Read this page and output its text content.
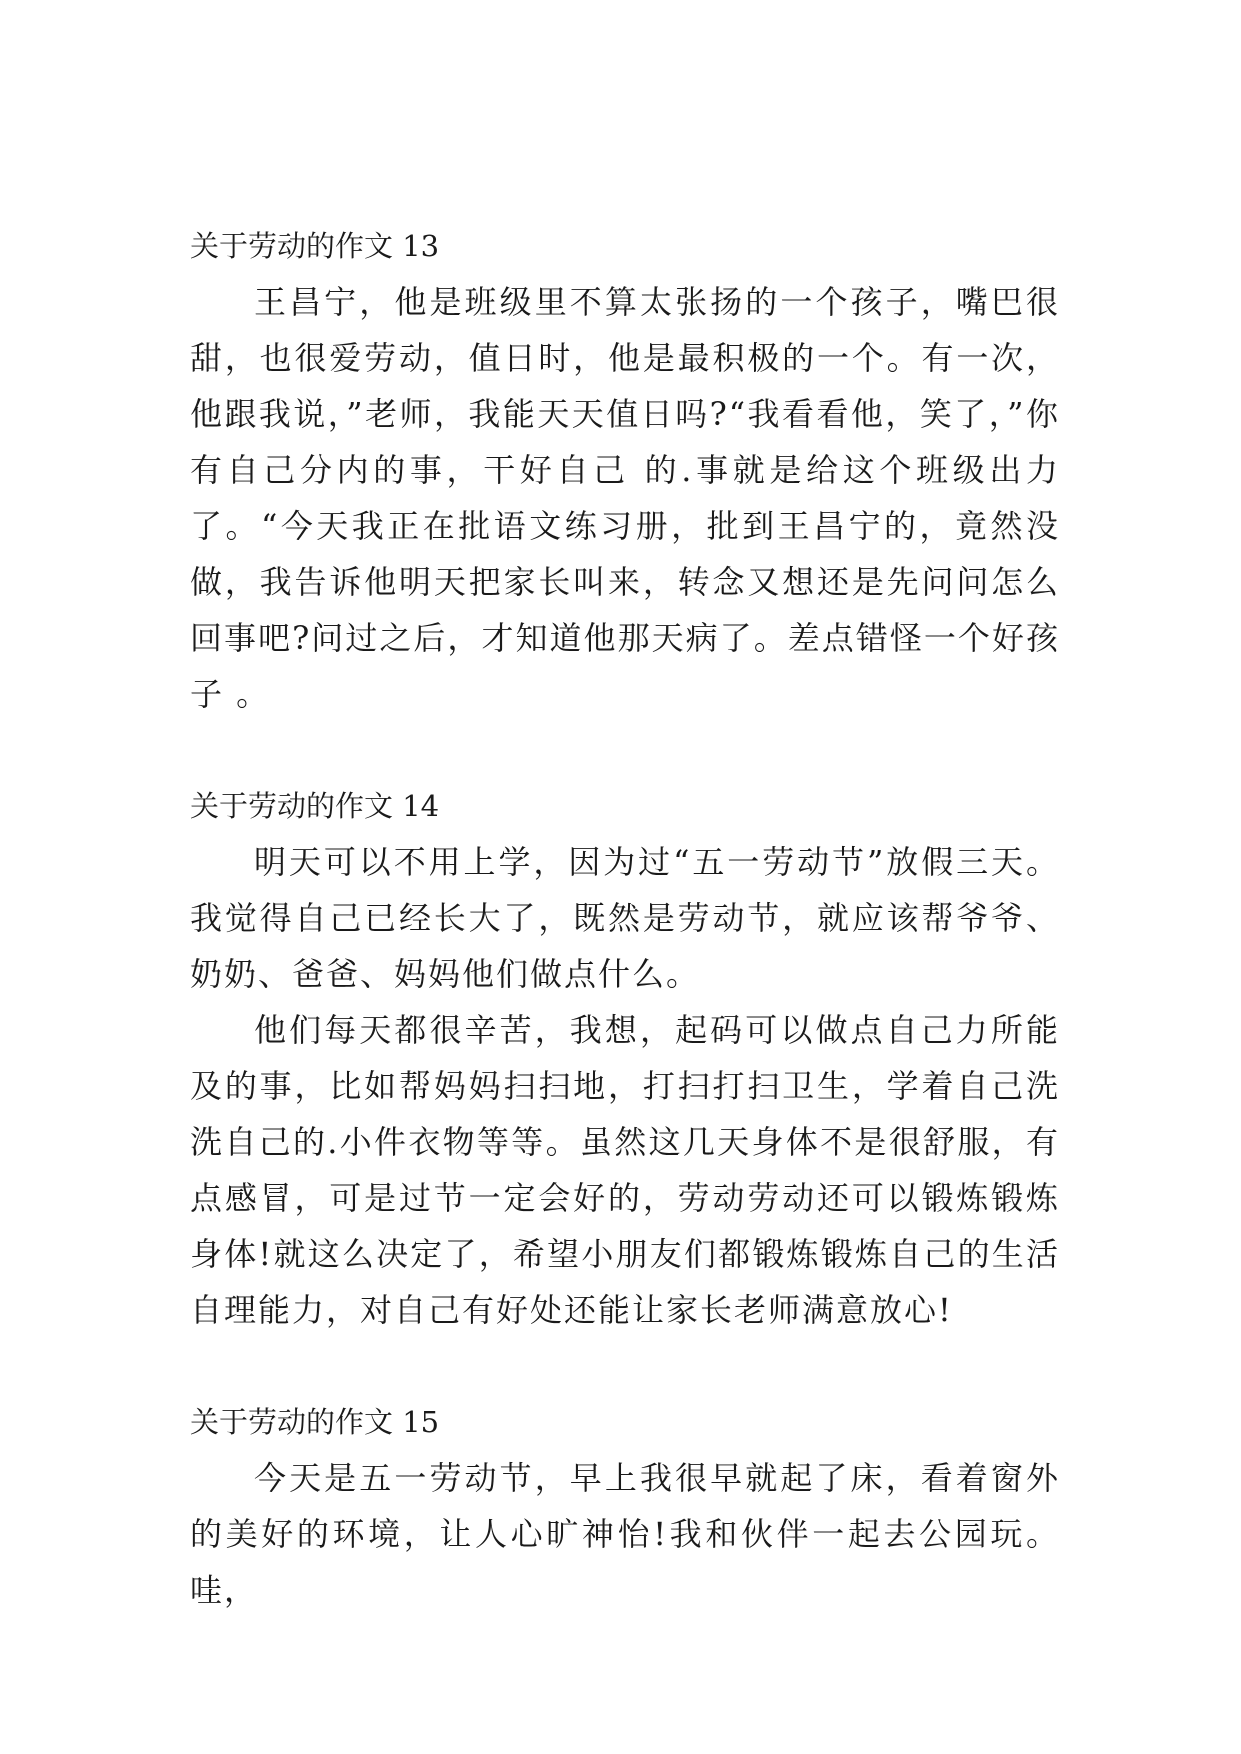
关于劳动的作文 13

王昌宁，他是班级里不算太张扬的一个孩子，嘴巴很甜，也很爱劳动，值日时，他是最积极的一个。有一次，他跟我说，”老师，我能天天值日吗?“我看看他，笑了，”你有自己分内的事，干好自己 的.事就是给这个班级出力了。“今天我正在批语文练习册，批到王昌宁的，竟然没做，我告诉他明天把家长叫来，转念又想还是先问问怎么回事吧?问过之后，才知道他那天病了。差点错怪一个好孩子 。

关于劳动的作文 14

明天可以不用上学，因为过“五一劳动节”放假三天。我觉得自己已经长大了，既然是劳动节，就应该帮爷爷、奶奶、爸爸、妈妈他们做点什么。

他们每天都很辛苦，我想，起码可以做点自己力所能及的事，比如帮妈妈扫扫地，打扫打扫卫生，学着自己洗洗自己的.小件衣物等等。虽然这几天身体不是很舒服，有点感冒，可是过节一定会好的，劳动劳动还可以锻炼锻炼身体!就这么决定了，希望小朋友们都锻炼锻炼自己的生活自理能力，对自己有好处还能让家长老师满意放心!

关于劳动的作文 15

今天是五一劳动节，早上我很早就起了床，看着窗外的美好的环境，让人心旷神怡!我和伙伴一起去公园玩。哇，
